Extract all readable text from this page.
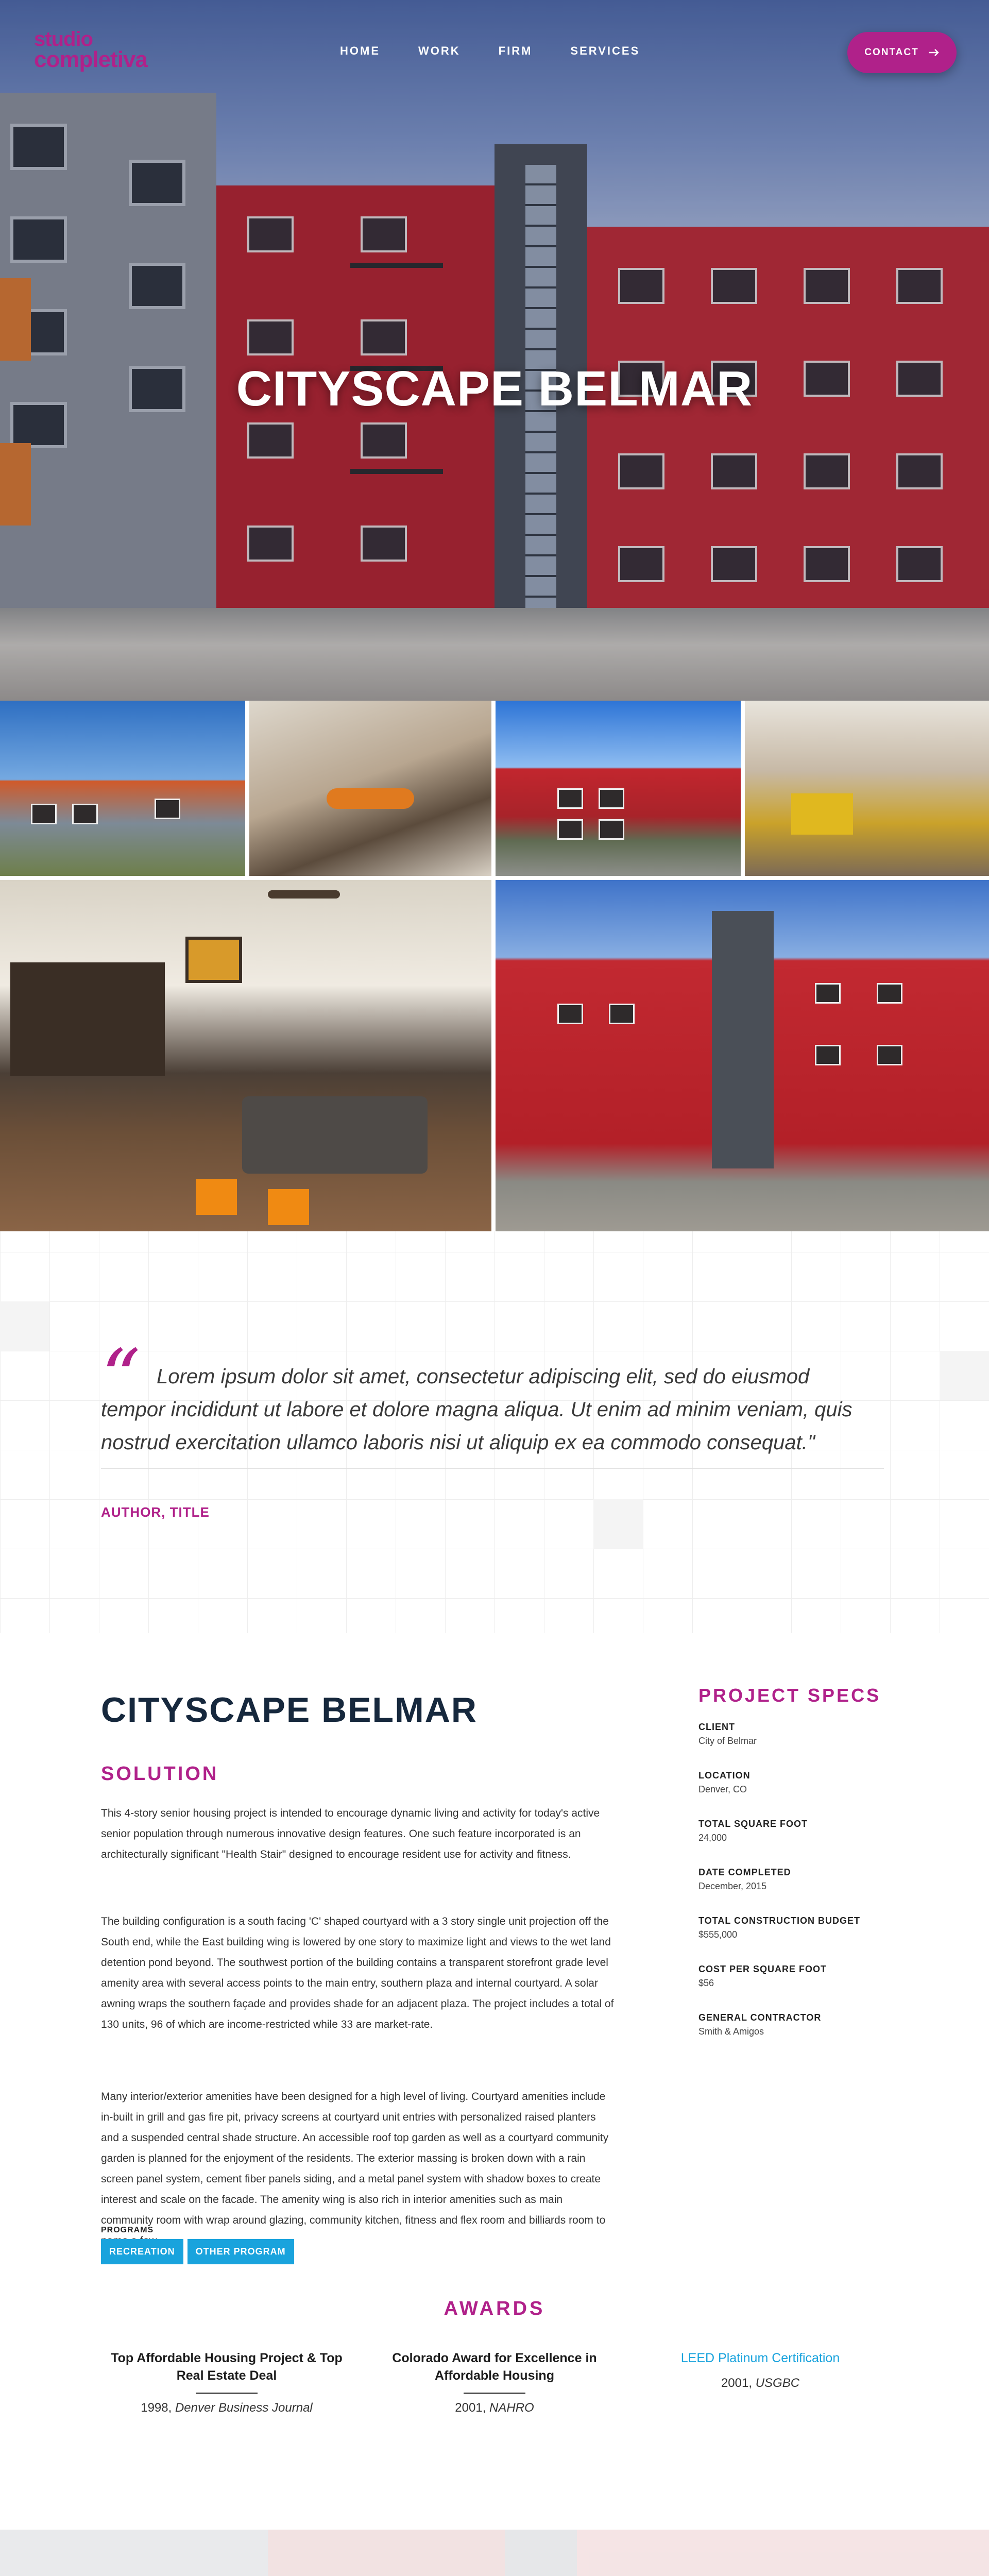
studio
completiva	HOME	WORK	FIRM	SERVICES	CONTACT
CITYSCAPE BELMAR
“ Lorem ipsum dolor sit amet, consectetur adipiscing elit, sed do eiusmod tempor incididunt ut labore et dolore magna aliqua. Ut enim ad minim veniam, quis nostrud exercitation ullamco laboris nisi ut aliquip ex ea commodo consequat."

AUTHOR, TITLE
CITYSCAPE BELMAR
SOLUTION

This 4-story senior housing project is intended to encourage dynamic living and activity for today's active senior population through numerous innovative design features. One such feature incorporated is an architecturally significant "Health Stair" designed to encourage resident use for activity and fitness.

The building configuration is a south facing 'C' shaped courtyard with a 3 story single unit projection off the South end, while the East building wing is lowered by one story to maximize light and views to the wet land detention pond beyond. The southwest portion of the building contains a transparent storefront grade level amenity area with several access points to the main entry, southern plaza and internal courtyard. A solar awning wraps the southern façade and provides shade for an adjacent plaza. The project includes a total of 130 units, 96 of which are income-restricted while 33 are market-rate.

Many interior/exterior amenities have been designed for a high level of living. Courtyard amenities include in-built in grill and gas fire pit, privacy screens at courtyard unit entries with personalized raised planters and a suspended central shade structure. An accessible roof top garden as well as a courtyard community garden is planned for the enjoyment of the residents. The exterior massing is broken down with a rain screen panel system, cement fiber panels siding, and a metal panel system with shadow boxes to create interest and scale on the facade. The amenity wing is also rich in interior amenities such as main community room with wrap around glazing, community kitchen, fitness and flex room and billiards room to

PROGRAMS
RECREATION	OTHER PROGRAM
PROJECT SPECS
CLIENT
City of Belmar
LOCATION
Denver, CO
TOTAL SQUARE FOOT
24,000
DATE COMPLETED
December, 2015
TOTAL CONSTRUCTION BUDGET
$555,000
COST PER SQUARE FOOT
$56
GENERAL CONTRACTOR
Smith & Amigos
AWARDS
Top Affordable Housing Project & Top Real Estate Deal
1998, Denver Business Journal
Colorado Award for Excellence in Affordable Housing
2001, NAHRO
LEED Platinum Certification
2001, USGBC
